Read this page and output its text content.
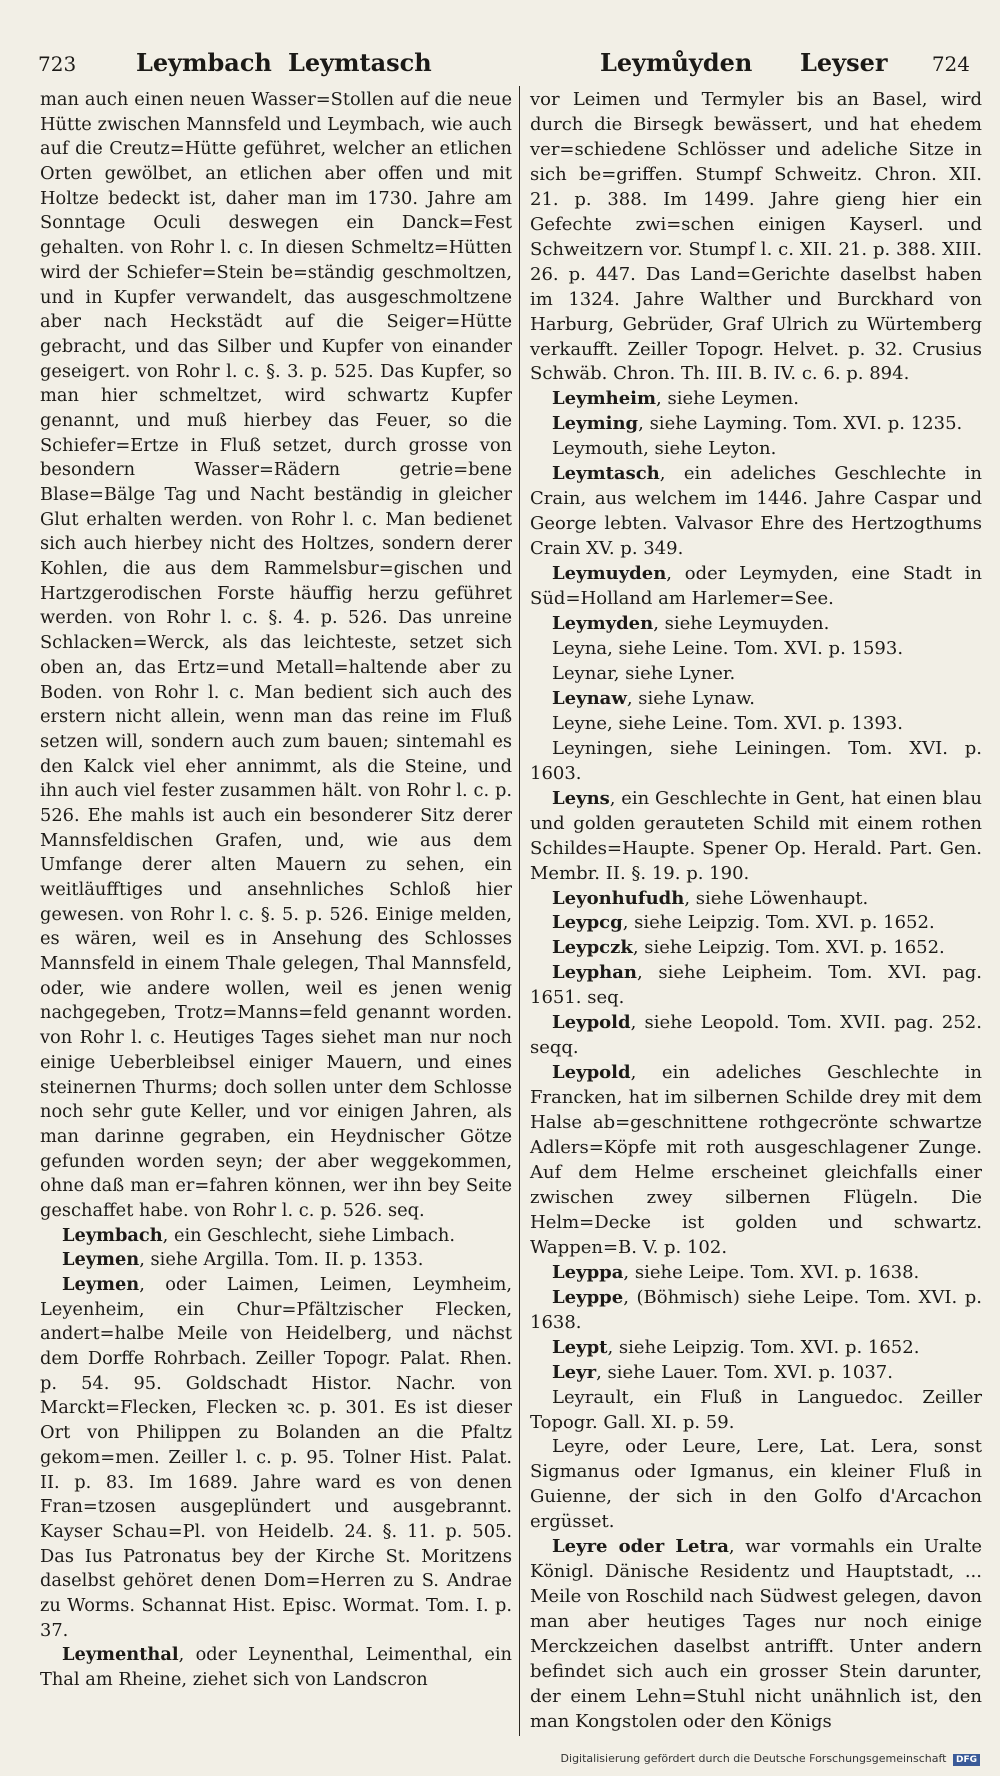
723 Leymbach Leymtasch	Leymůyden Leyser 724

man auch einen neuen Wasser=Stollen auf die neue Hütte zwischen Mannsfeld und Leymbach, wie auch auf die Creutz=Hütte geführet, welcher an etlichen Orten gewölbet, an etlichen aber offen und mit Holtze bedeckt ist, daher man im 1730. Jahre am Sonntage Oculi deswegen ein Danck=Fest gehalten. von Rohr l. c. In diesen Schmeltz=Hütten wird der Schiefer=Stein be=ständig geschmoltzen, und in Kupfer verwandelt, das ausgeschmoltzene aber nach Heckstädt auf die Seiger=Hütte gebracht, und das Silber und Kupfer von einander geseigert. von Rohr l. c. §. 3. p. 525. Das Kupfer, so man hier schmeltzet, wird schwartz Kupfer genannt, und muß hierbey das Feuer, so die Schiefer=Ertze in Fluß setzet, durch grosse von besondern Wasser=Rädern getrie=bene Blase=Bälge Tag und Nacht beständig in gleicher Glut erhalten werden. von Rohr l. c. Man bedienet sich auch hierbey nicht des Holtzes, sondern derer Kohlen, die aus dem Rammelsbur=gischen und Hartzgerodischen Forste häuffig herzu geführet werden. von Rohr l. c. §. 4. p. 526. Das unreine Schlacken=Werck, als das leichteste, setzet sich oben an, das Ertz=und Metall=haltende aber zu Boden. von Rohr l. c. Man bedient sich auch des erstern nicht allein, wenn man das reine im Fluß setzen will, sondern auch zum bauen; sintemahl es den Kalck viel eher annimmt, als die Steine, und ihn auch viel fester zusammen hält. von Rohr l. c. p. 526. Ehe mahls ist auch ein besonderer Sitz derer Mannsfeldischen Grafen, und, wie aus dem Umfange derer alten Mauern zu sehen, ein weitläufftiges und ansehnliches Schloß hier gewesen. von Rohr l. c. §. 5. p. 526. Einige melden, es wären, weil es in Ansehung des Schlosses Mannsfeld in einem Thale gelegen, Thal Mannsfeld, oder, wie andere wollen, weil es jenen wenig nachgegeben, Trotz=Manns=feld genannt worden. von Rohr l. c. Heutiges Tages siehet man nur noch einige Ueberbleibsel einiger Mauern, und eines steinernen Thurms; doch sollen unter dem Schlosse noch sehr gute Keller, und vor einigen Jahren, als man darinne gegraben, ein Heydnischer Götze gefunden worden seyn; der aber weggekommen, ohne daß man er=fahren können, wer ihn bey Seite geschaffet habe. von Rohr l. c. p. 526. seq.

Leymbach, ein Geschlecht, siehe Limbach.

Leymen, siehe Argilla. Tom. II. p. 1353.

Leymen, oder Laimen, Leimen, Leymheim, Leyenheim, ein Chur=Pfältzischer Flecken, andert=halbe Meile von Heidelberg, und nächst dem Dorffe Rohrbach. Zeiller Topogr. Palat. Rhen. p. 54. 95. Goldschadt Histor. Nachr. von Marckt=Flecken, Flecken ꝛc. p. 301. Es ist dieser Ort von Philippen zu Bolanden an die Pfaltz gekom=men. Zeiller l. c. p. 95. Tolner Hist. Palat. II. p. 83. Im 1689. Jahre ward es von denen Fran=tzosen ausgeplündert und ausgebrannt. Kayser Schau=Pl. von Heidelb. 24. §. 11. p. 505. Das Ius Patronatus bey der Kirche St. Moritzens daselbst gehöret denen Dom=Herren zu S. Andrae zu Worms. Schannat Hist. Episc. Wormat. Tom. I. p. 37.

Leymenthal, oder Leynenthal, Leimenthal, ein Thal am Rheine, ziehet sich von Landscron

vor Leimen und Termyler bis an Basel, wird durch die Birsegk bewässert, und hat ehedem ver=schiedene Schlösser und adeliche Sitze in sich be=griffen. Stumpf Schweitz. Chron. XII. 21. p. 388. Im 1499. Jahre gieng hier ein Gefechte zwi=schen einigen Kayserl. und Schweitzern vor. Stumpf l. c. XII. 21. p. 388. XIII. 26. p. 447. Das Land=Gerichte daselbst haben im 1324. Jahre Walther und Burckhard von Harburg, Gebrüder, Graf Ulrich zu Würtemberg verkaufft. Zeiller Topogr. Helvet. p. 32. Crusius Schwäb. Chron. Th. III. B. IV. c. 6. p. 894.

Leymheim, siehe Leymen.

Leyming, siehe Layming. Tom. XVI. p. 1235.

Leymouth, siehe Leyton.

Leymtasch, ein adeliches Geschlechte in Crain, aus welchem im 1446. Jahre Caspar und George lebten. Valvasor Ehre des Hertzogthums Crain XV. p. 349.

Leymuyden, oder Leymyden, eine Stadt in Süd=Holland am Harlemer=See.

Leymyden, siehe Leymuyden.

Leyna, siehe Leine. Tom. XVI. p. 1593.

Leynar, siehe Lyner.

Leynaw, siehe Lynaw.

Leyne, siehe Leine. Tom. XVI. p. 1393.

Leyningen, siehe Leiningen. Tom. XVI. p. 1603.

Leyns, ein Geschlechte in Gent, hat einen blau und golden gerauteten Schild mit einem rothen Schildes=Haupte. Spener Op. Herald. Part. Gen. Membr. II. §. 19. p. 190.

Leyonhufudh, siehe Löwenhaupt.

Leypcg, siehe Leipzig. Tom. XVI. p. 1652.

Leypczk, siehe Leipzig. Tom. XVI. p. 1652.

Leyphan, siehe Leipheim. Tom. XVI. pag. 1651. seq.

Leypold, siehe Leopold. Tom. XVII. pag. 252. seqq.

Leypold, ein adeliches Geschlechte in Francken, hat im silbernen Schilde drey mit dem Halse ab=geschnittene rothgecrönte schwartze Adlers=Köpfe mit roth ausgeschlagener Zunge. Auf dem Helme erscheinet gleichfalls einer zwischen zwey silbernen Flügeln. Die Helm=Decke ist golden und schwartz. Wappen=B. V. p. 102.

Leyppa, siehe Leipe. Tom. XVI. p. 1638.

Leyppe, (Böhmisch) siehe Leipe. Tom. XVI. p. 1638.

Leypt, siehe Leipzig. Tom. XVI. p. 1652.

Leyr, siehe Lauer. Tom. XVI. p. 1037.

Leyrault, ein Fluß in Languedoc. Zeiller Topogr. Gall. XI. p. 59.

Leyre, oder Leure, Lere, Lat. Lera, sonst Sigmanus oder Igmanus, ein kleiner Fluß in Guienne, der sich in den Golfo d'Arcachon ergüsset.

Leyre oder Letra, war vormahls ein Uralte Königl. Dänische Residentz und Hauptstadt, ... Meile von Roschild nach Südwest gelegen, davon man aber heutiges Tages nur noch einige Merckzeichen daselbst antrifft. Unter andern befindet sich auch ein grosser Stein darunter, der einem Lehn=Stuhl nicht unähnlich ist, den man Kongstolen oder den Königs

Digitalisierung gefördert durch die Deutsche Forschungsgemeinschaft DFG
